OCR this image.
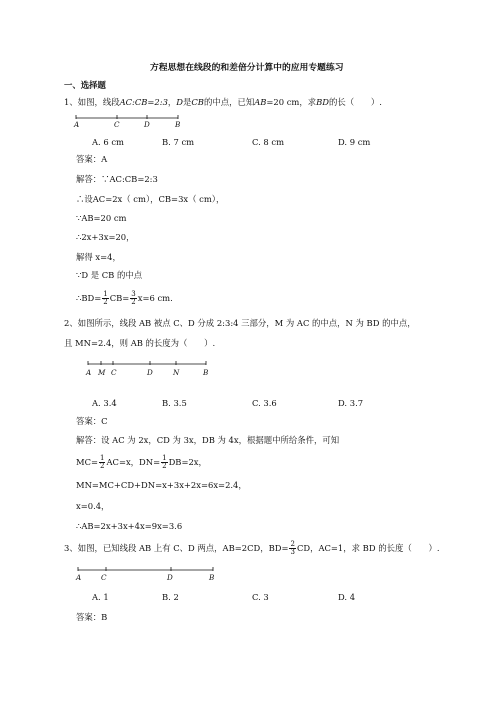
方程思想在线段的和差倍分计算中的应用专题练习
一、选择题
1、如图，线段AC:CB=2:3，D是CB的中点，已知AB=20 cm，求BD的长（　　）.
A	C	D	B
A. 6 cm	B. 7 cm	C. 8 cm	D. 9 cm
答案：A
解答：∵AC:CB=2:3
∴设AC=2x（ cm），CB=3x（ cm），
∵AB=20 cm
∴2x+3x=20，
解得 x=4，
∵D 是 CB 的中点
∴BD= $\frac{1}{2} CB= \frac{3}{2} x=6$ cm.
2、如图所示，线段 AB 被点 C、D 分成 2:3:4 三部分，M 为 AC 的中点，N 为 BD 的中点，
且 MN=2.4，则 AB 的长度为（　　）.
A M C	D	N	B
A. 3.4	B. 3.5	C. 3.6	D. 3.7
答案：C
解答：设 AC 为 2x，CD 为 3x，DB 为 4x，根据题中所给条件，可知
$MC= \frac{1}{2} AC=x$，$DN= \frac{1}{2} DB=2x$，
MN=MC+CD+DN=x+3x+2x=6x=2.4，
x=0.4，
∴AB=2x+3x+4x=9x=3.6
3、如图，已知线段 AB 上有 C、D 两点，AB=2CD，$BD= \frac{2}{3}$ CD，AC=1，求 BD 的长度（　　）.
A	C	D	B
A. 1	B. 2	C. 3	D. 4
答案：B
